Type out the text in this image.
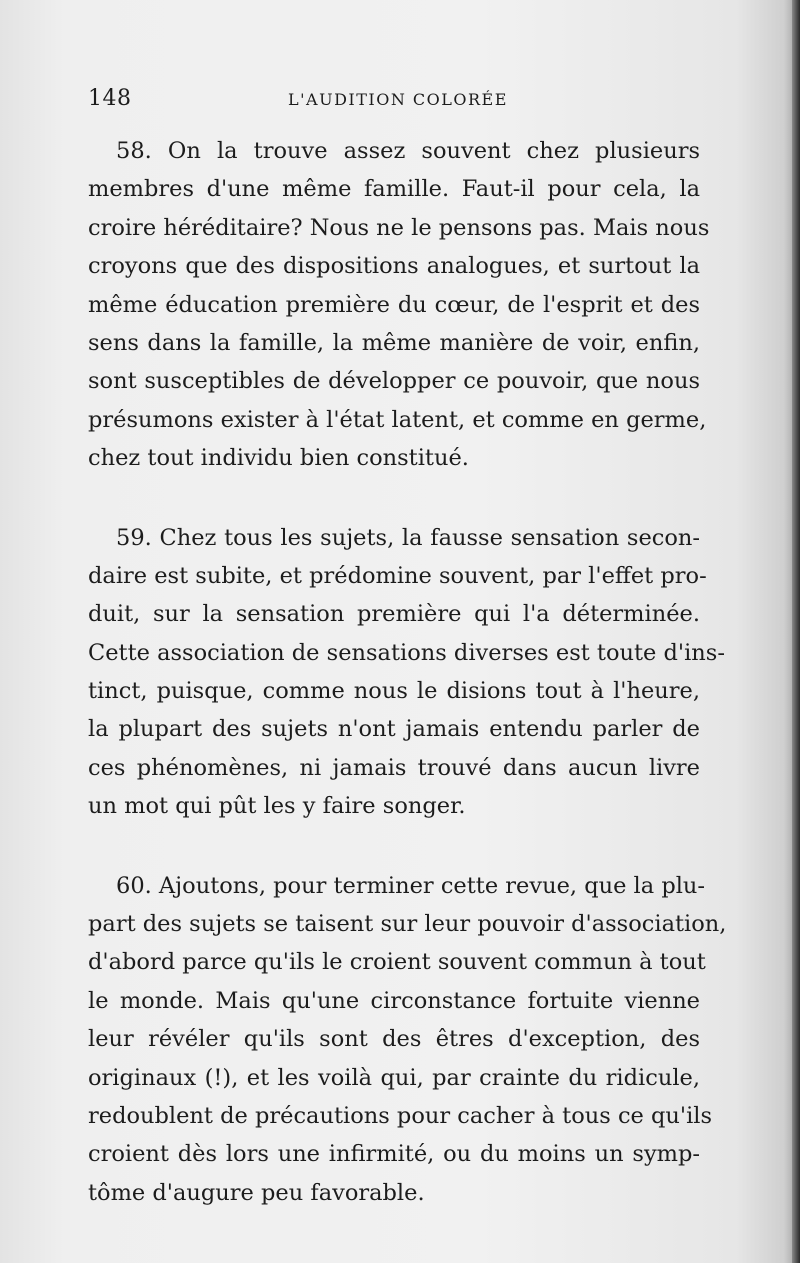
148	L'AUDITION COLORÉE

58. On la trouve assez souvent chez plusieurs
membres d'une même famille. Faut-il pour cela, la
croire héréditaire? Nous ne le pensons pas. Mais nous
croyons que des dispositions analogues, et surtout la
même éducation première du cœur, de l'esprit et des
sens dans la famille, la même manière de voir, enfin,
sont susceptibles de développer ce pouvoir, que nous
présumons exister à l'état latent, et comme en germe,
chez tout individu bien constitué.

59. Chez tous les sujets, la fausse sensation secon-
daire est subite, et prédomine souvent, par l'effet pro-
duit, sur la sensation première qui l'a déterminée.
Cette association de sensations diverses est toute d'ins-
tinct, puisque, comme nous le disions tout à l'heure,
la plupart des sujets n'ont jamais entendu parler de
ces phénomènes, ni jamais trouvé dans aucun livre
un mot qui pût les y faire songer.

60. Ajoutons, pour terminer cette revue, que la plu-
part des sujets se taisent sur leur pouvoir d'association,
d'abord parce qu'ils le croient souvent commun à tout
le monde. Mais qu'une circonstance fortuite vienne
leur révéler qu'ils sont des êtres d'exception, des
originaux (!), et les voilà qui, par crainte du ridicule,
redoublent de précautions pour cacher à tous ce qu'ils
croient dès lors une infirmité, ou du moins un symp-
tôme d'augure peu favorable.
